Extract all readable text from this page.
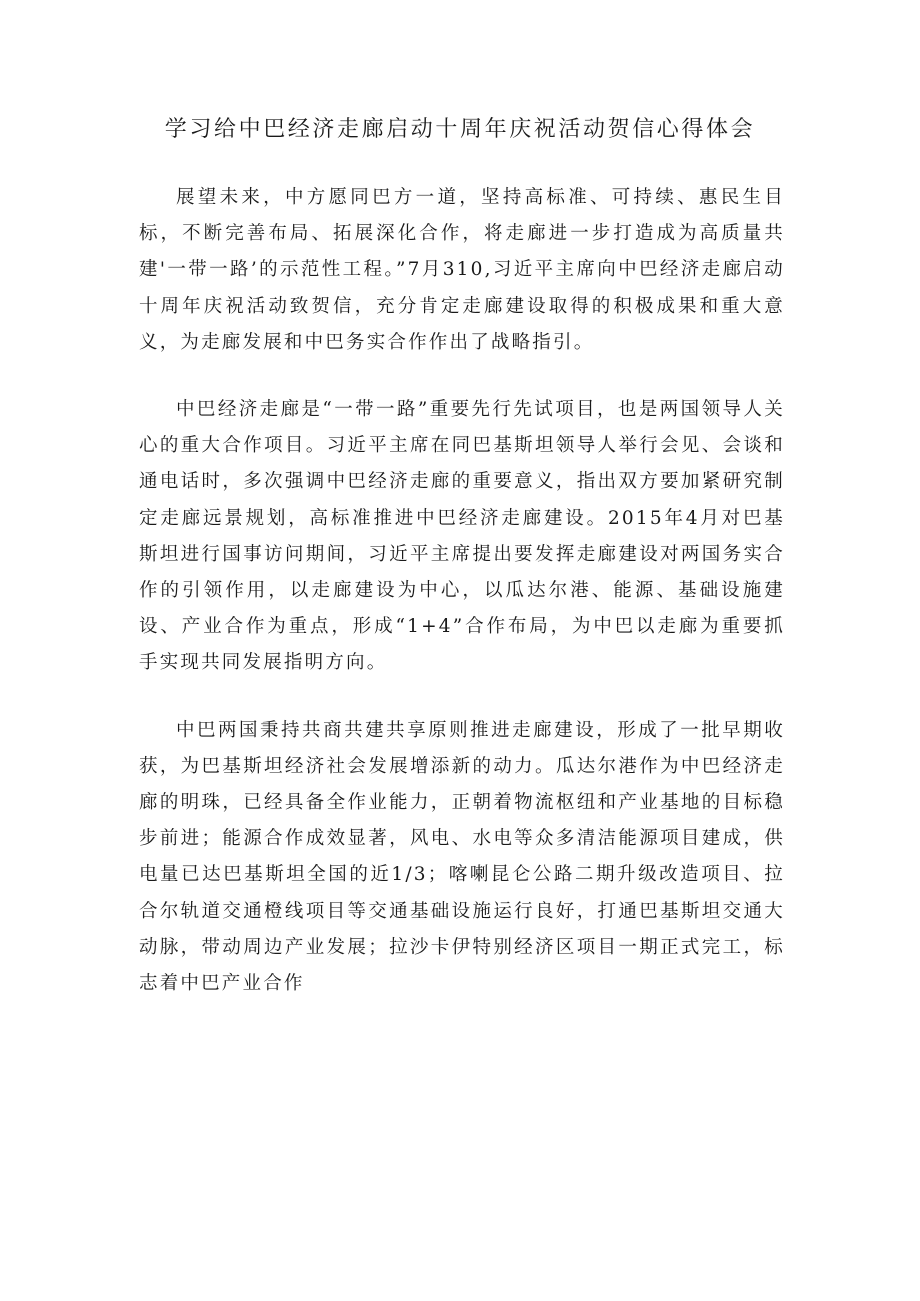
学习给中巴经济走廊启动十周年庆祝活动贺信心得体会

展望未来，中方愿同巴方一道，坚持高标准、可持续、惠民生目标，不断完善布局、拓展深化合作，将走廊进一步打造成为高质量共建'一带一路’的示范性工程。”7月310,习近平主席向中巴经济走廊启动十周年庆祝活动致贺信，充分肯定走廊建设取得的积极成果和重大意义，为走廊发展和中巴务实合作作出了战略指引。

中巴经济走廊是“一带一路”重要先行先试项目，也是两国领导人关心的重大合作项目。习近平主席在同巴基斯坦领导人举行会见、会谈和通电话时，多次强调中巴经济走廊的重要意义，指出双方要加紧研究制定走廊远景规划，高标准推进中巴经济走廊建设。2015年4月对巴基斯坦进行国事访问期间，习近平主席提出要发挥走廊建设对两国务实合作的引领作用，以走廊建设为中心，以瓜达尔港、能源、基础设施建设、产业合作为重点，形成“1+4”合作布局，为中巴以走廊为重要抓手实现共同发展指明方向。

中巴两国秉持共商共建共享原则推进走廊建设，形成了一批早期收获，为巴基斯坦经济社会发展增添新的动力。瓜达尔港作为中巴经济走廊的明珠，已经具备全作业能力，正朝着物流枢纽和产业基地的目标稳步前进；能源合作成效显著，风电、水电等众多清洁能源项目建成，供电量已达巴基斯坦全国的近1/3；喀喇昆仑公路二期升级改造项目、拉合尔轨道交通橙线项目等交通基础设施运行良好，打通巴基斯坦交通大动脉，带动周边产业发展；拉沙卡伊特别经济区项目一期正式完工，标志着中巴产业合作
